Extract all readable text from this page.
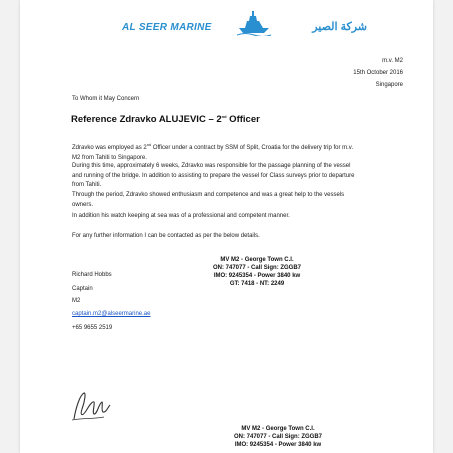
AL SEER MARINE	شركة الصير
m.v. M2
15th October 2016
Singapore
To Whom it May Concern
Reference Zdravko ALUJEVIC – 2nd Officer
Zdravko was employed as 2nd Officer under a contract by SSM of Split, Croatia for the delivery trip for m.v. M2 from Tahiti to Singapore.
During this time, approximately 6 weeks, Zdravko was responsible for the passage planning of the vessel and running of the bridge. In addition to assisting to prepare the vessel for Class surveys prior to departure from Tahiti.
Through the period, Zdravko showed enthusiasm and competence and was a great help to the vessels owners.
In addition his watch keeping at sea was of a professional and competent manner.
For any further information I can be contacted as per the below details.
MV M2 - George Town C.I.
ON: 747077 - Call Sign: ZGGB7
IMO: 9245354 - Power 3840 kw
GT: 7418 - NT: 2249
Richard Hobbs
Captain
M2
captain.m2@alseermarine.ae
+65 9655 2519
MV M2 - George Town C.I.
ON: 747077 - Call Sign: ZGGB7
IMO: 9245354 - Power 3840 kw
